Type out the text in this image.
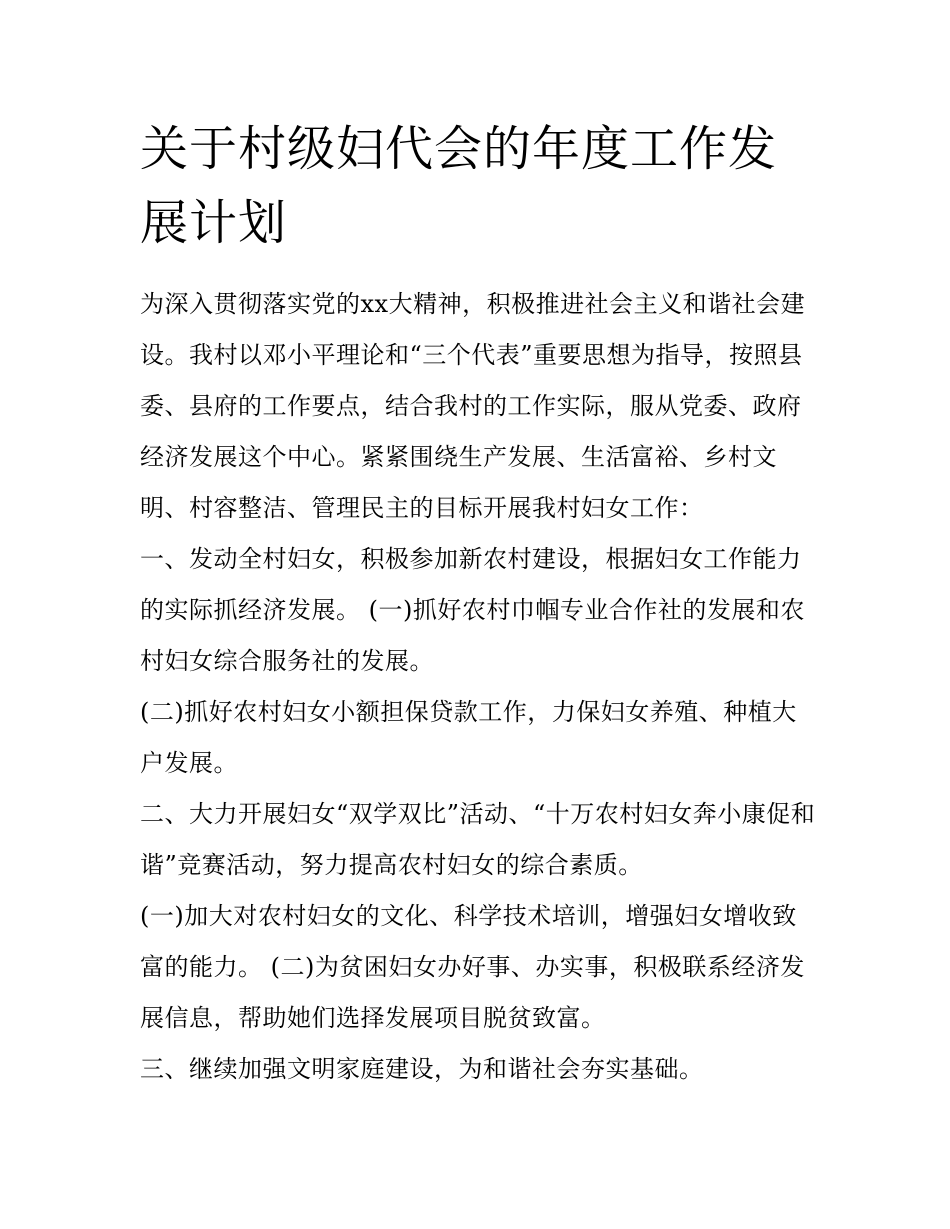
关于村级妇代会的年度工作发展计划

为深入贯彻落实党的xx大精神，积极推进社会主义和谐社会建设。我村以邓小平理论和“三个代表”重要思想为指导，按照县委、县府的工作要点，结合我村的工作实际，服从党委、政府经济发展这个中心。紧紧围绕生产发展、生活富裕、乡村文明、村容整洁、管理民主的目标开展我村妇女工作：

一、发动全村妇女，积极参加新农村建设，根据妇女工作能力的实际抓经济发展。 (一)抓好农村巾帼专业合作社的发展和农村妇女综合服务社的发展。

(二)抓好农村妇女小额担保贷款工作，力保妇女养殖、种植大户发展。

二、大力开展妇女“双学双比”活动、“十万农村妇女奔小康促和谐”竞赛活动，努力提高农村妇女的综合素质。

(一)加大对农村妇女的文化、科学技术培训，增强妇女增收致富的能力。 (二)为贫困妇女办好事、办实事，积极联系经济发展信息，帮助她们选择发展项目脱贫致富。

三、继续加强文明家庭建设，为和谐社会夯实基础。
